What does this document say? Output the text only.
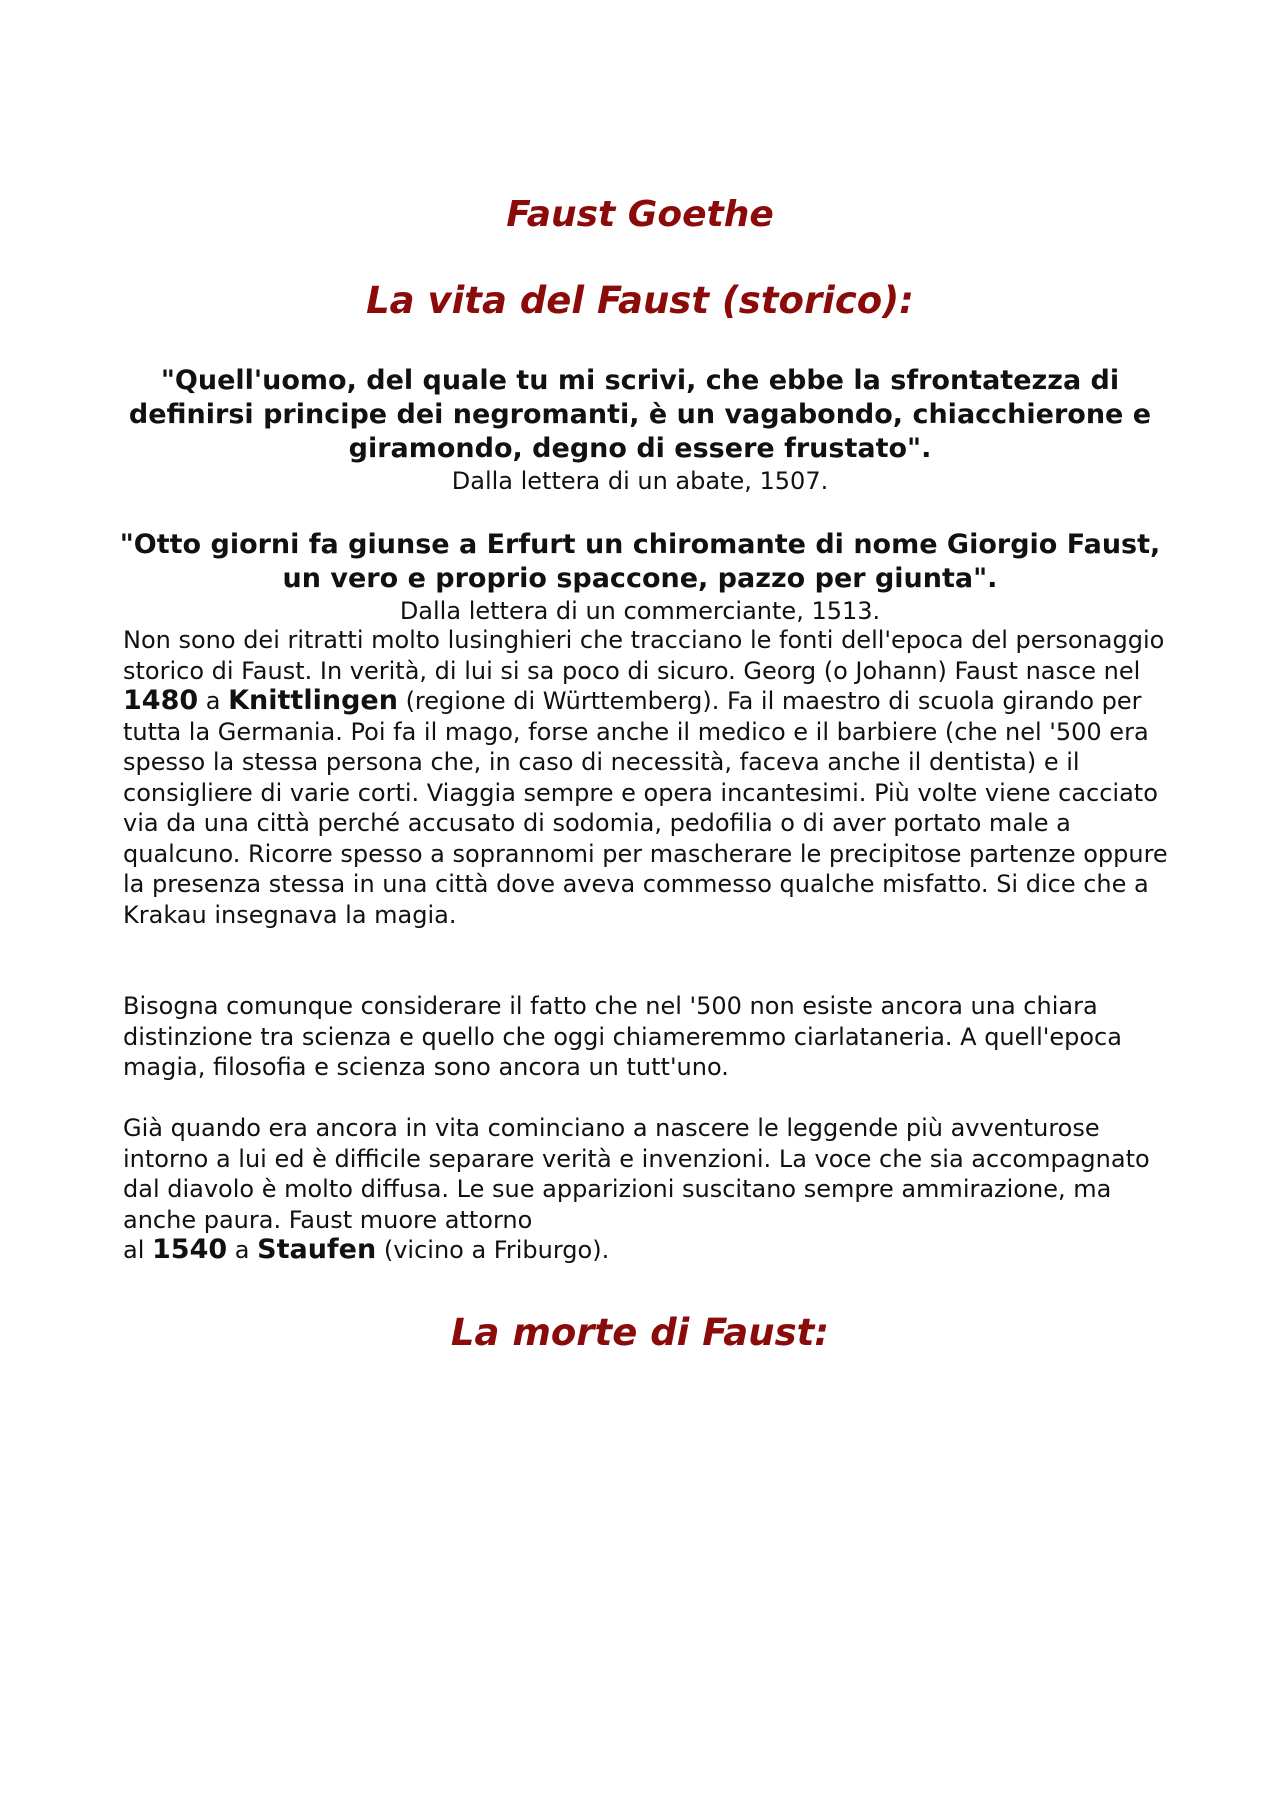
Faust Goethe
La vita del Faust (storico):

"Quell'uomo, del quale tu mi scrivi, che ebbe la sfrontatezza di definirsi principe dei negromanti, è un vagabondo, chiacchierone e giramondo, degno di essere frustato".

Dalla lettera di un abate, 1507.

"Otto giorni fa giunse a Erfurt un chiromante di nome Giorgio Faust, un vero e proprio spaccone, pazzo per giunta".

Dalla lettera di un commerciante, 1513.

Non sono dei ritratti molto lusinghieri che tracciano le fonti dell'epoca del personaggio storico di Faust. In verità, di lui si sa poco di sicuro. Georg (o Johann) Faust nasce nel 1480 a Knittlingen (regione di Württemberg). Fa il maestro di scuola girando per tutta la Germania. Poi fa il mago, forse anche il medico e il barbiere (che nel '500 era spesso la stessa persona che, in caso di necessità, faceva anche il dentista) e il consigliere di varie corti. Viaggia sempre e opera incantesimi. Più volte viene cacciato via da una città perché accusato di sodomia, pedofilia o di aver portato male a qualcuno. Ricorre spesso a soprannomi per mascherare le precipitose partenze oppure la presenza stessa in una città dove aveva commesso qualche misfatto. Si dice che a Krakau insegnava la magia.

Bisogna comunque considerare il fatto che nel '500 non esiste ancora una chiara distinzione tra scienza e quello che oggi chiameremmo ciarlataneria. A quell'epoca magia, filosofia e scienza sono ancora un tutt'uno.

Già quando era ancora in vita cominciano a nascere le leggende più avventurose intorno a lui ed è difficile separare verità e invenzioni. La voce che sia accompagnato dal diavolo è molto diffusa. Le sue apparizioni suscitano sempre ammirazione, ma anche paura. Faust muore attorno
al 1540 a Staufen (vicino a Friburgo).

La morte di Faust:
